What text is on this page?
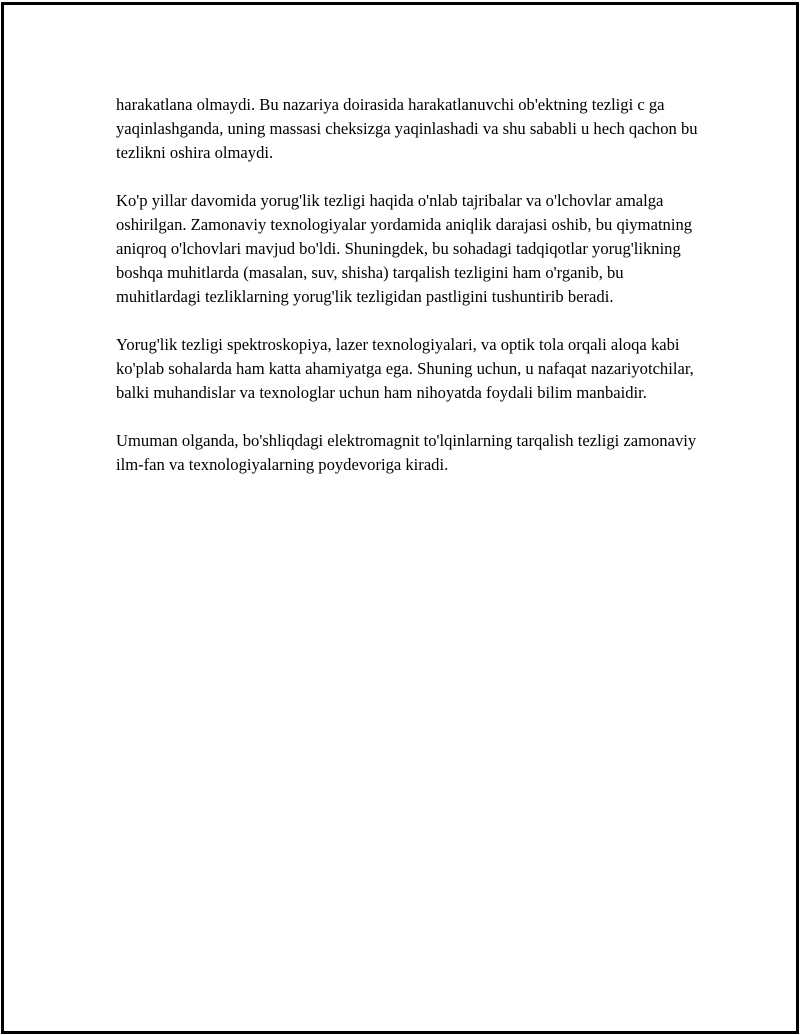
harakatlana olmaydi. Bu nazariya doirasida harakatlanuvchi ob'ektning tezligi c ga yaqinlashganda, uning massasi cheksizga yaqinlashadi va shu sababli u hech qachon bu tezlikni oshira olmaydi.

Ko'p yillar davomida yorug'lik tezligi haqida o'nlab tajribalar va o'lchovlar amalga oshirilgan. Zamonaviy texnologiyalar yordamida aniqlik darajasi oshib, bu qiymatning aniqroq o'lchovlari mavjud bo'ldi. Shuningdek, bu sohadagi tadqiqotlar yorug'likning boshqa muhitlarda (masalan, suv, shisha) tarqalish tezligini ham o'rganib, bu muhitlardagi tezliklarning yorug'lik tezligidan pastligini tushuntirib beradi.

Yorug'lik tezligi spektroskopiya, lazer texnologiyalari, va optik tola orqali aloqa kabi ko'plab sohalarda ham katta ahamiyatga ega. Shuning uchun, u nafaqat nazariyotchilar, balki muhandislar va texnologlar uchun ham nihoyatda foydali bilim manbaidir.

Umuman olganda, bo'shliqdagi elektromagnit to'lqinlarning tarqalish tezligi zamonaviy ilm-fan va texnologiyalarning poydevoriga kiradi.
